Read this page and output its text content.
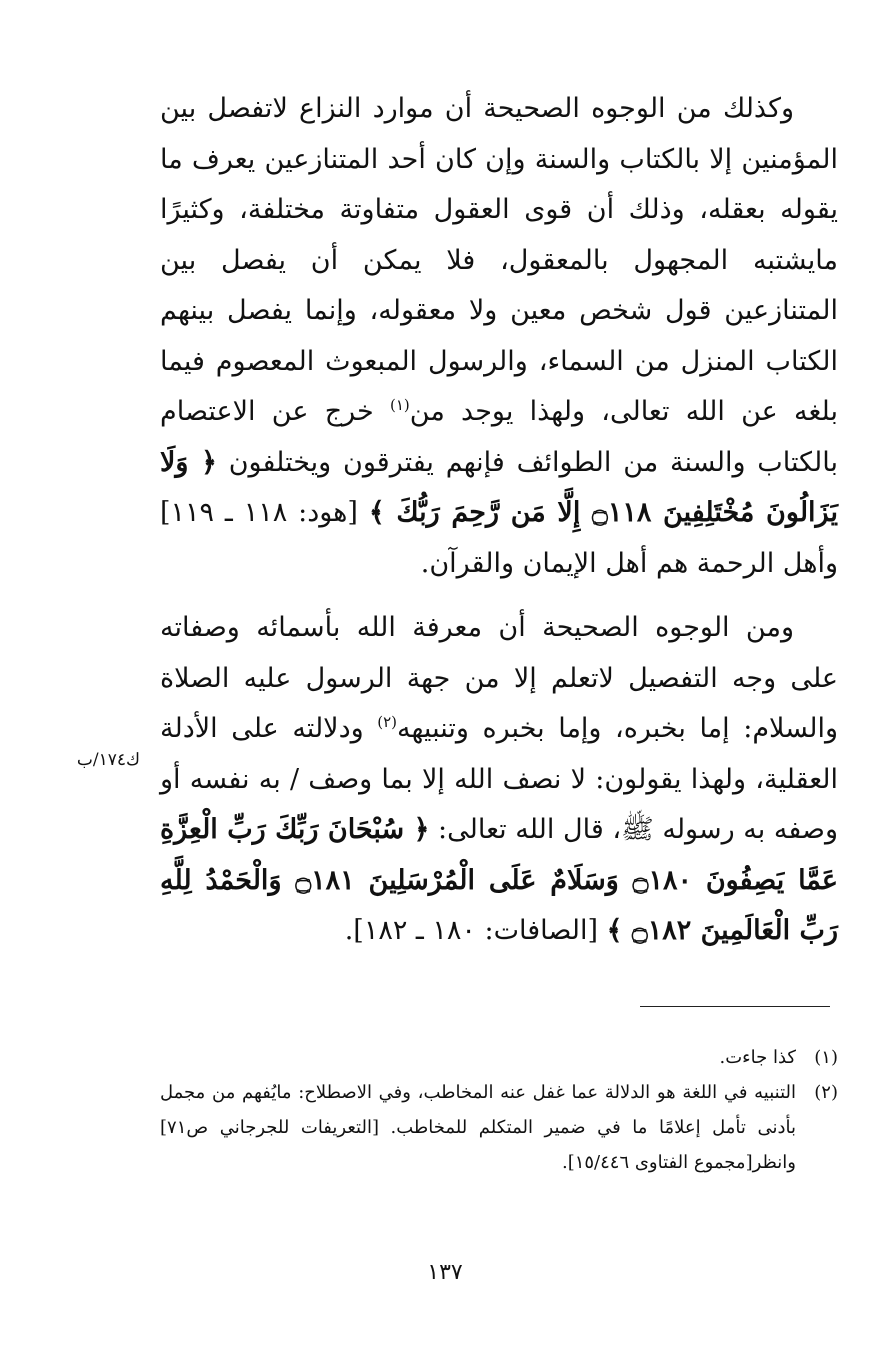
وكذلك من الوجوه الصحيحة أن موارد النزاع لاتفصل بين المؤمنين إلا بالكتاب والسنة وإن كان أحد المتنازعين يعرف ما يقوله بعقله، وذلك أن قوى العقول متفاوتة مختلفة، وكثيرًا مايشتبه المجهول بالمعقول، فلا يمكن أن يفصل بين المتنازعين قول شخص معين ولا معقوله، وإنما يفصل بينهم الكتاب المنزل من السماء، والرسول المبعوث المعصوم فيما بلغه عن الله تعالى، ولهذا يوجد من$^{(١)}$ خرج عن الاعتصام بالكتاب والسنة من الطوائف فإنهم يفترقون ويختلفون ﴿ وَلَا يَزَالُونَ مُخْتَلِفِينَ ۝١١٨ إِلَّا مَن رَّحِمَ رَبُّكَ ﴾ [هود: ١١٨ ـ ١١٩] وأهل الرحمة هم أهل الإيمان والقرآن.

ومن الوجوه الصحيحة أن معرفة الله بأسمائه وصفاته على وجه التفصيل لاتعلم إلا من جهة الرسول عليه الصلاة والسلام: إما بخبره، وإما بخبره وتنبيهه$^{(٢)}$ ودلالته على الأدلة العقلية، ولهذا يقولون: لا نصف الله إلا بما وصف / به نفسه أو وصفه به رسوله ﷺ، قال الله تعالى: ﴿ سُبْحَانَ رَبِّكَ رَبِّ الْعِزَّةِ عَمَّا يَصِفُونَ ۝١٨٠ وَسَلَامٌ عَلَى الْمُرْسَلِينَ ۝١٨١ وَالْحَمْدُ لِلَّهِ رَبِّ الْعَالَمِينَ ۝١٨٢ ﴾ [الصافات: ١٨٠ ـ ١٨٢].

ك١٧٤/ب
(١)
كذا جاءت.
(٢)
التنبيه في اللغة هو الدلالة عما غفل عنه المخاطب، وفي الاصطلاح: مايُفهم من مجمل بأدنى تأمل إعلامًا ما في ضمير المتكلم للمخاطب. [التعريفات للجرجاني ص٧١] وانظر[مجموع الفتاوى ١٥/٤٤٦].
١٣٧
